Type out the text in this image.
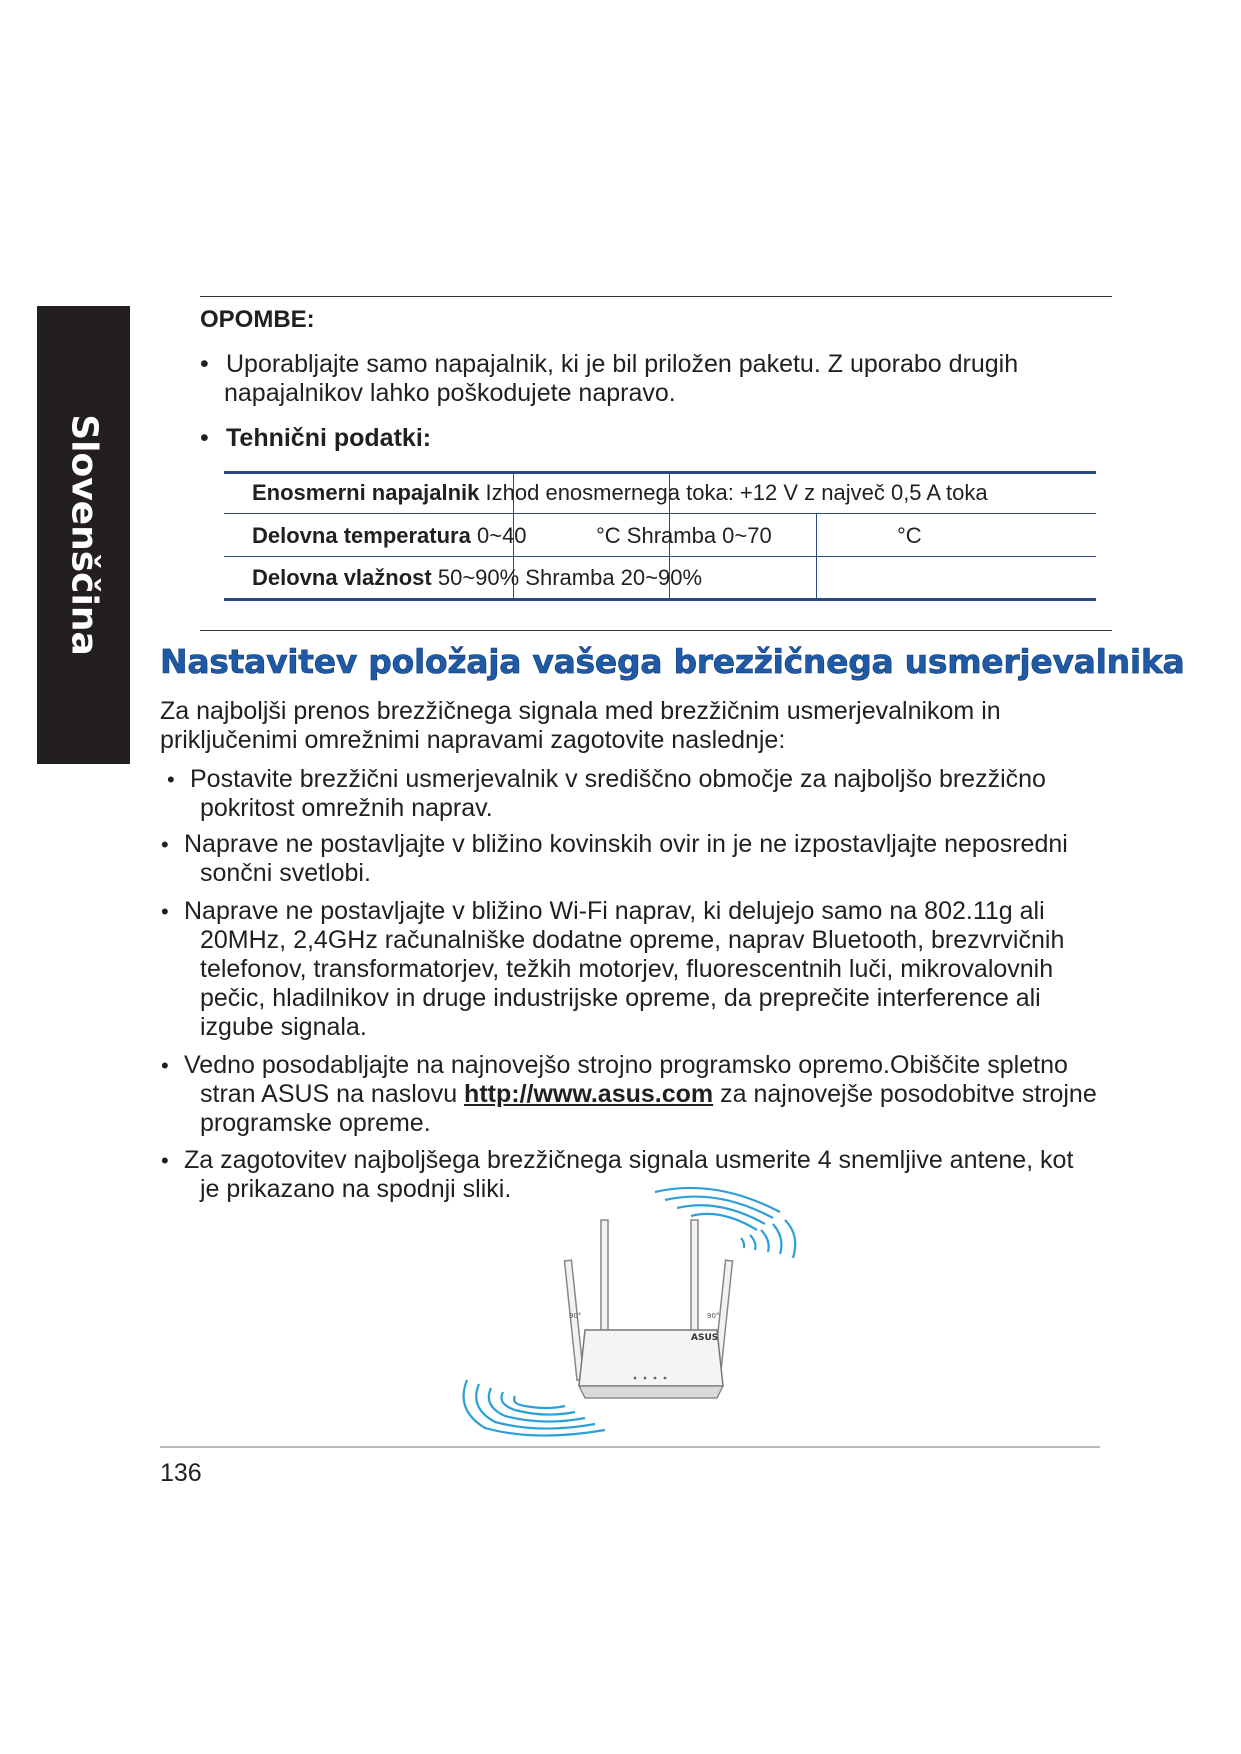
Slovenščina
OPOMBE:
• Uporabljajte samo napajalnik, ki je bil priložen paketu. Z uporabo drugih
napajalnikov lahko poškodujete napravo.
• Tehnični podatki:
Enosmerni napajalnik Izhod enosmernega toka: +12 V z največ 0,5 A toka
Delovna temperatura 0~40	°C Shramba 0~70	°C
Delovna vlažnost 50~90% Shramba 20~90%
Nastavitev položaja vašega brezžičnega usmerjevalnika
Za najboljši prenos brezžičnega signala med brezžičnim usmerjevalnikom in
priključenimi omrežnimi napravami zagotovite naslednje:
• Postavite brezžični usmerjevalnik v središčno območje za najboljšo brezžično
pokritost omrežnih naprav.
• Naprave ne postavljajte v bližino kovinskih ovir in je ne izpostavljajte neposredni
sončni svetlobi.
• Naprave ne postavljajte v bližino Wi-Fi naprav, ki delujejo samo na 802.11g ali
20MHz, 2,4GHz računalniške dodatne opreme, naprav Bluetooth, brezvrvičnih
telefonov, transformatorjev, težkih motorjev, fluorescentnih luči, mikrovalovnih
pečic, hladilnikov in druge industrijske opreme, da preprečite interference ali
izgube signala.
• Vedno posodabljajte na najnovejšo strojno programsko opremo.Obiščite spletno
stran ASUS na naslovu http://www.asus.com za najnovejše posodobitve strojne
programske opreme.
• Za zagotovitev najboljšega brezžičnega signala usmerite 4 snemljive antene, kot
je prikazano na spodnji sliki.
ASUS
90°	90°
136
